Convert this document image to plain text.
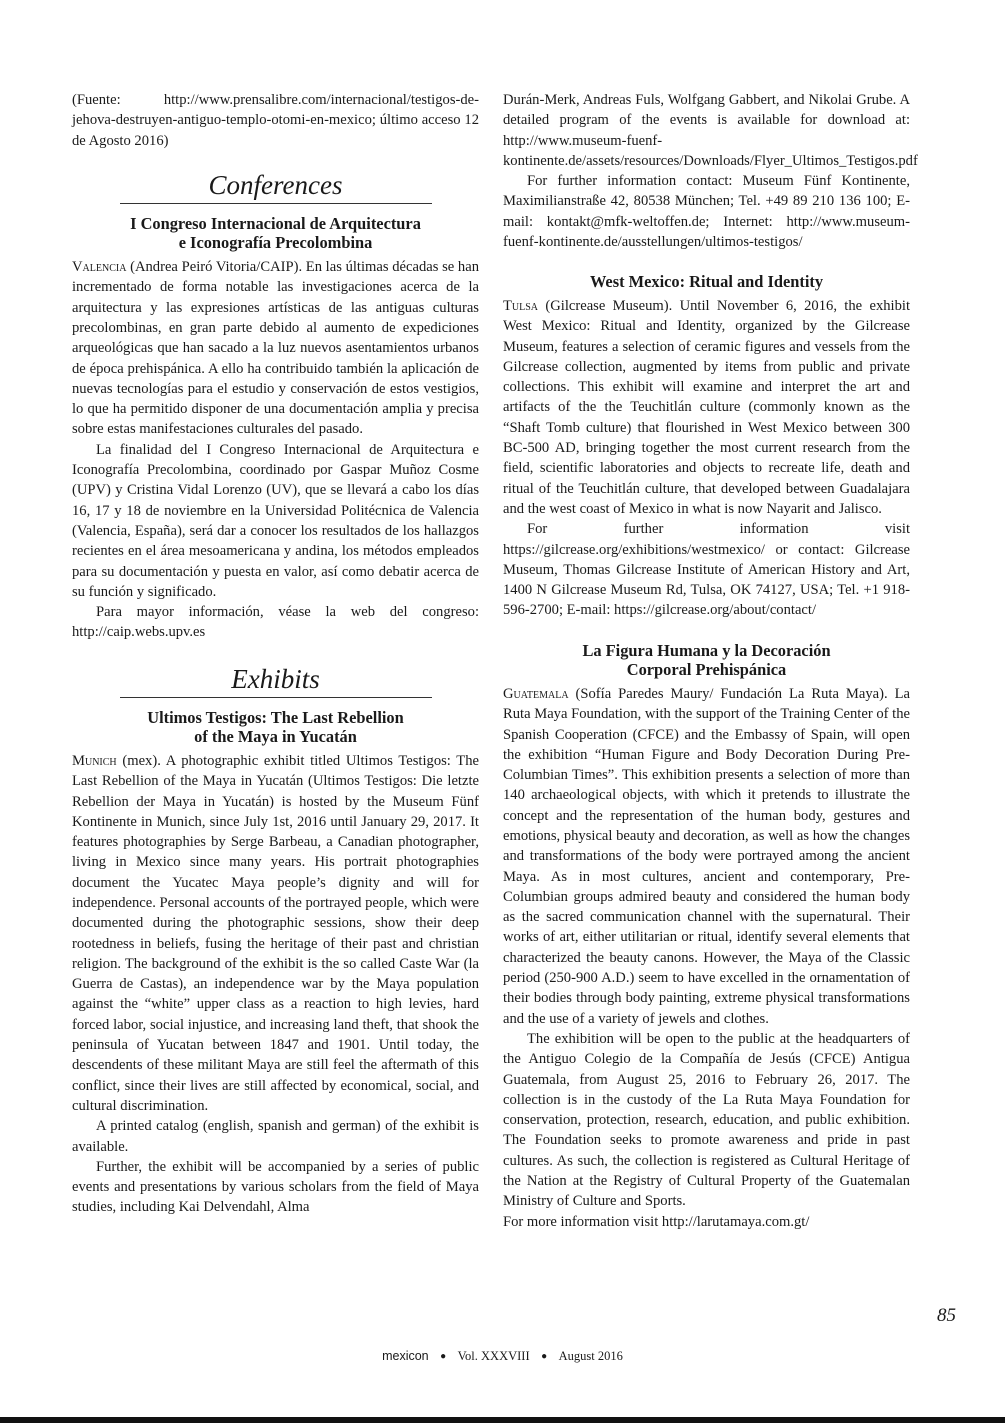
(Fuente: http://www.prensalibre.com/internacional/testigos-de-jehova-destruyen-antiguo-templo-otomi-en-mexico; último acceso 12 de Agosto 2016)

Conferences
I Congreso Internacional de Arquitectura
e Iconografía Precolombina

Valencia (Andrea Peiró Vitoria/CAIP). En las últimas décadas se han incrementado de forma notable las investigaciones acerca de la arquitectura y las expresiones artísticas de las antiguas culturas precolombinas, en gran parte debido al aumento de expediciones arqueológicas que han sacado a la luz nuevos asentamientos urbanos de época prehispánica. A ello ha contribuido también la aplicación de nuevas tecnologías para el estudio y conservación de estos vestigios, lo que ha permitido disponer de una documentación amplia y precisa sobre estas manifestaciones culturales del pasado.

La finalidad del I Congreso Internacional de Arquitectura e Iconografía Precolombina, coordinado por Gaspar Muñoz Cosme (UPV) y Cristina Vidal Lorenzo (UV), que se llevará a cabo los días 16, 17 y 18 de noviembre en la Universidad Politécnica de Valencia (Valencia, España), será dar a conocer los resultados de los hallazgos recientes en el área mesoamericana y andina, los métodos empleados para su documentación y puesta en valor, así como debatir acerca de su función y significado.

Para mayor información, véase la web del congreso: http://caip.webs.upv.es

Exhibits
Ultimos Testigos: The Last Rebellion
of the Maya in Yucatán

Munich (mex). A photographic exhibit titled Ultimos Testigos: The Last Rebellion of the Maya in Yucatán (Ultimos Testigos: Die letzte Rebellion der Maya in Yucatán) is hosted by the Museum Fünf Kontinente in Munich, since July 1st, 2016 until January 29, 2017. It features photographies by Serge Barbeau, a Canadian photographer, living in Mexico since many years. His portrait photographies document the Yucatec Maya people’s dignity and will for independence. Personal accounts of the portrayed people, which were documented during the photographic sessions, show their deep rootedness in beliefs, fusing the heritage of their past and christian religion. The background of the exhibit is the so called Caste War (la Guerra de Castas), an independence war by the Maya population against the “white” upper class as a reaction to high levies, hard forced labor, social injustice, and increasing land theft, that shook the peninsula of Yucatan between 1847 and 1901. Until today, the descendents of these militant Maya are still feel the aftermath of this conflict, since their lives are still affected by economical, social, and cultural discrimination.

A printed catalog (english, spanish and german) of the exhibit is available.

Further, the exhibit will be accompanied by a series of public events and presentations by various scholars from the field of Maya studies, including Kai Delvendahl, Alma

Durán-Merk, Andreas Fuls, Wolfgang Gabbert, and Nikolai Grube. A detailed program of the events is available for download at: http://www.museum-fuenf-kontinente.de/assets/resources/Downloads/Flyer_Ultimos_Testigos.pdf

For further information contact: Museum Fünf Kontinente, Maximilianstraße 42, 80538 München; Tel. +49 89 210 136 100; E-mail: kontakt@mfk-weltoffen.de; Internet: http://www.museum-fuenf-kontinente.de/ausstellungen/ultimos-testigos/

West Mexico: Ritual and Identity

Tulsa (Gilcrease Museum). Until November 6, 2016, the exhibit West Mexico: Ritual and Identity, organized by the Gilcrease Museum, features a selection of ceramic figures and vessels from the Gilcrease collection, augmented by items from public and private collections. This exhibit will examine and interpret the art and artifacts of the the Teuchitlán culture (commonly known as the “Shaft Tomb culture) that flourished in West Mexico between 300 BC-500 AD, bringing together the most current research from the field, scientific laboratories and objects to recreate life, death and ritual of the Teuchitlán culture, that developed between Guadalajara and the west coast of Mexico in what is now Nayarit and Jalisco.

For further information visit https://gilcrease.org/exhibitions/westmexico/ or contact: Gilcrease Museum, Thomas Gilcrease Institute of American History and Art, 1400 N Gilcrease Museum Rd, Tulsa, OK 74127, USA; Tel. +1 918-596-2700; E-mail: https://gilcrease.org/about/contact/

La Figura Humana y la Decoración
Corporal Prehispánica

Guatemala (Sofía Paredes Maury/ Fundación La Ruta Maya). La Ruta Maya Foundation, with the support of the Training Center of the Spanish Cooperation (CFCE) and the Embassy of Spain, will open the exhibition “Human Figure and Body Decoration During Pre-Columbian Times”. This exhibition presents a selection of more than 140 archaeological objects, with which it pretends to illustrate the concept and the representation of the human body, gestures and emotions, physical beauty and decoration, as well as how the changes and transformations of the body were portrayed among the ancient Maya. As in most cultures, ancient and contemporary, Pre-Columbian groups admired beauty and considered the human body as the sacred communication channel with the supernatural. Their works of art, either utilitarian or ritual, identify several elements that characterized the beauty canons. However, the Maya of the Classic period (250-900 A.D.) seem to have excelled in the ornamentation of their bodies through body painting, extreme physical transformations and the use of a variety of jewels and clothes.

The exhibition will be open to the public at the headquarters of the Antiguo Colegio de la Compañía de Jesús (CFCE) Antigua Guatemala, from August 25, 2016 to February 26, 2017. The collection is in the custody of the La Ruta Maya Foundation for conservation, protection, research, education, and public exhibition. The Foundation seeks to promote awareness and pride in past cultures. As such, the collection is registered as Cultural Heritage of the Nation at the Registry of Cultural Property of the Guatemalan Ministry of Culture and Sports.

For more information visit http://larutamaya.com.gt/

85
mexicon ● Vol. XXXVIII ● August 2016
